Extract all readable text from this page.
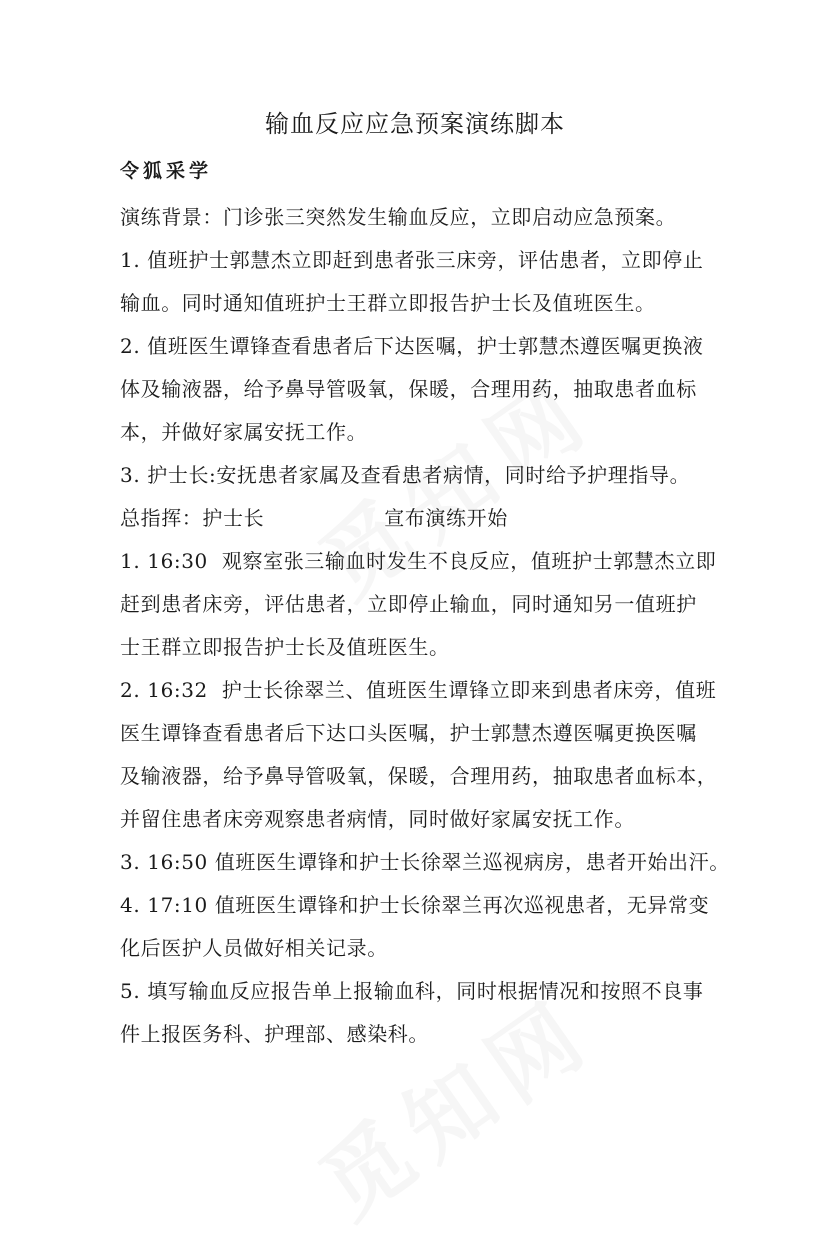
输血反应应急预案演练脚本
令狐采学
演练背景：门诊张三突然发生输血反应，立即启动应急预案。
1. 值班护士郭慧杰立即赶到患者张三床旁，评估患者，立即停止
输血。同时通知值班护士王群立即报告护士长及值班医生。
2. 值班医生谭锋查看患者后下达医嘱，护士郭慧杰遵医嘱更换液
体及输液器，给予鼻导管吸氧，保暖，合理用药，抽取患者血标
本，并做好家属安抚工作。
3. 护士长:安抚患者家属及查看患者病情，同时给予护理指导。
总指挥：护士长	宣布演练开始
1. 16:30 观察室张三输血时发生不良反应，值班护士郭慧杰立即
赶到患者床旁，评估患者，立即停止输血，同时通知另一值班护
士王群立即报告护士长及值班医生。
2. 16:32 护士长徐翠兰、值班医生谭锋立即来到患者床旁，值班
医生谭锋查看患者后下达口头医嘱，护士郭慧杰遵医嘱更换医嘱
及输液器，给予鼻导管吸氧，保暖，合理用药，抽取患者血标本，
并留住患者床旁观察患者病情，同时做好家属安抚工作。
3. 16:50 值班医生谭锋和护士长徐翠兰巡视病房，患者开始出汗。
4. 17:10 值班医生谭锋和护士长徐翠兰再次巡视患者，无异常变
化后医护人员做好相关记录。
5. 填写输血反应报告单上报输血科，同时根据情况和按照不良事
件上报医务科、护理部、感染科。
